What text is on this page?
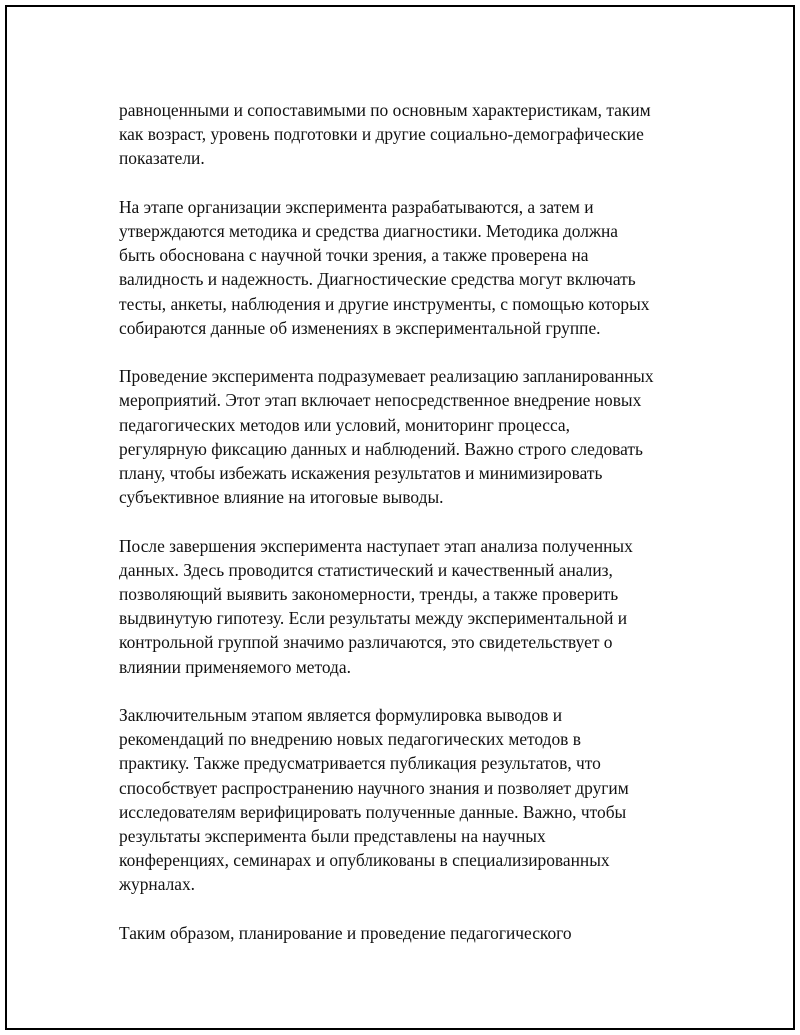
равноценными и сопоставимыми по основным характеристикам, таким
как возраст, уровень подготовки и другие социально-демографические
показатели.
На этапе организации эксперимента разрабатываются, а затем и
утверждаются методика и средства диагностики. Методика должна
быть обоснована с научной точки зрения, а также проверена на
валидность и надежность. Диагностические средства могут включать
тесты, анкеты, наблюдения и другие инструменты, с помощью которых
собираются данные об изменениях в экспериментальной группе.
Проведение эксперимента подразумевает реализацию запланированных
мероприятий. Этот этап включает непосредственное внедрение новых
педагогических методов или условий, мониторинг процесса,
регулярную фиксацию данных и наблюдений. Важно строго следовать
плану, чтобы избежать искажения результатов и минимизировать
субъективное влияние на итоговые выводы.
После завершения эксперимента наступает этап анализа полученных
данных. Здесь проводится статистический и качественный анализ,
позволяющий выявить закономерности, тренды, а также проверить
выдвинутую гипотезу. Если результаты между экспериментальной и
контрольной группой значимо различаются, это свидетельствует о
влиянии применяемого метода.
Заключительным этапом является формулировка выводов и
рекомендаций по внедрению новых педагогических методов в
практику. Также предусматривается публикация результатов, что
способствует распространению научного знания и позволяет другим
исследователям верифицировать полученные данные. Важно, чтобы
результаты эксперимента были представлены на научных
конференциях, семинарах и опубликованы в специализированных
журналах.
Таким образом, планирование и проведение педагогического
